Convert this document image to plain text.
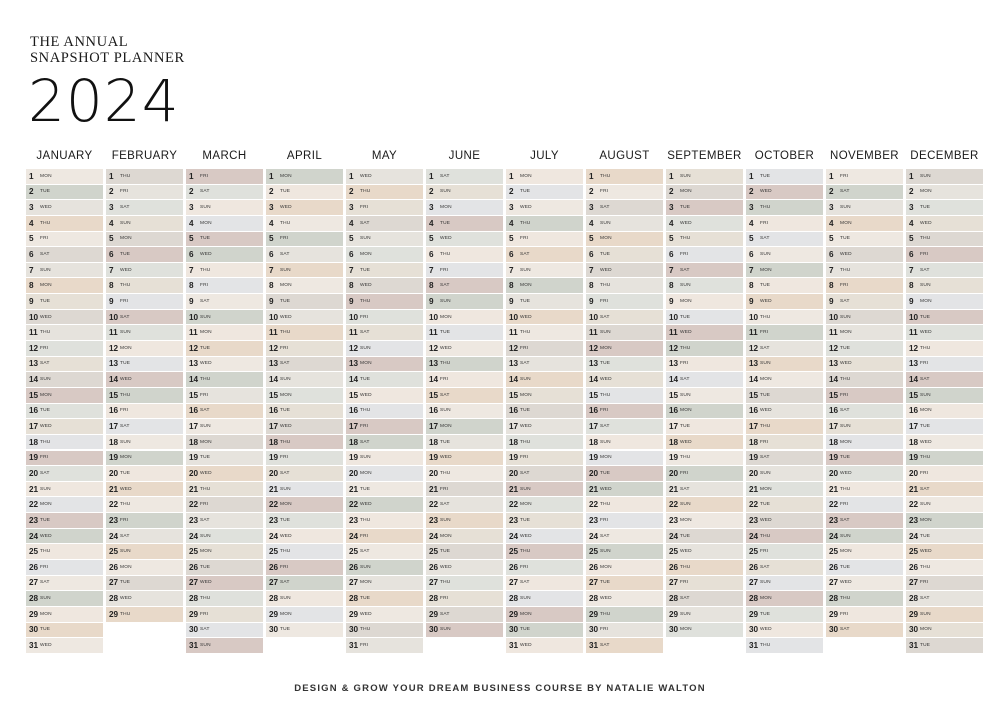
THE ANNUAL
SNAPSHOT PLANNER
2024
JANUARY
1	MON
2	TUE
3	WED
4	THU
5	FRI
6	SAT
7	SUN
8	MON
9	TUE
10 WED
11 THU
12 FRI
13 SAT
14 SUN
15 MON
16 TUE
17 WED
18 THU
19 FRI
20 SAT
21 SUN
22 MON
23 TUE
24 WED
25 THU
26 FRI
27 SAT
28 SUN
29 MON
30 TUE
31 WED
FEBRUARY
1	THU
2	FRI
3	SAT
4	SUN
5	MON
6	TUE
7	WED
8	THU
9	FRI
10 SAT
11 SUN
12 MON
13 TUE
14 WED
15 THU
16 FRI
17 SAT
18 SUN
19 MON
20 TUE
21 WED
22 THU
23 FRI
24 SAT
25 SUN
26 MON
27 TUE
28 WED
29 THU
MARCH
1	FRI
2	SAT
3	SUN
4	MON
5	TUE
6	WED
7	THU
8	FRI
9	SAT
10 SUN
11 MON
12 TUE
13 WED
14 THU
15 FRI
16 SAT
17 SUN
18 MON
19 TUE
20 WED
21 THU
22 FRI
23 SAT
24 SUN
25 MON
26 TUE
27 WED
28 THU
29 FRI
30 SAT
31 SUN
APRIL
1	MON
2	TUE
3	WED
4	THU
5	FRI
6	SAT
7	SUN
8	MON
9	TUE
10 WED
11 THU
12 FRI
13 SAT
14 SUN
15 MON
16 TUE
17 WED
18 THU
19 FRI
20 SAT
21 SUN
22 MON
23 TUE
24 WED
25 THU
26 FRI
27 SAT
28 SUN
29 MON
30 TUE
MAY
1	WED
2	THU
3	FRI
4	SAT
5	SUN
6	MON
7	TUE
8	WED
9	THU
10 FRI
11 SAT
12 SUN
13 MON
14 TUE
15 WED
16 THU
17 FRI
18 SAT
19 SUN
20 MON
21 TUE
22 WED
23 THU
24 FRI
25 SAT
26 SUN
27 MON
28 TUE
29 WED
30 THU
31 FRI
JUNE
1	SAT
2	SUN
3	MON
4	TUE
5	WED
6	THU
7	FRI
8	SAT
9	SUN
10 MON
11 TUE
12 WED
13 THU
14 FRI
15 SAT
16 SUN
17 MON
18 TUE
19 WED
20 THU
21 FRI
22 SAT
23 SUN
24 MON
25 TUE
26 WED
27 THU
28 FRI
29 SAT
30 SUN
JULY
1	MON
2	TUE
3	WED
4	THU
5	FRI
6	SAT
7	SUN
8	MON
9	TUE
10 WED
11 THU
12 FRI
13 SAT
14 SUN
15 MON
16 TUE
17 WED
18 THU
19 FRI
20 SAT
21 SUN
22 MON
23 TUE
24 WED
25 THU
26 FRI
27 SAT
28 SUN
29 MON
30 TUE
31 WED
AUGUST
1	THU
2	FRI
3	SAT
4	SUN
5	MON
6	TUE
7	WED
8	THU
9	FRI
10 SAT
11 SUN
12 MON
13 TUE
14 WED
15 THU
16 FRI
17 SAT
18 SUN
19 MON
20 TUE
21 WED
22 THU
23 FRI
24 SAT
25 SUN
26 MON
27 TUE
28 WED
29 THU
30 FRI
31 SAT
SEPTEMBER
1	SUN
2	MON
3	TUE
4	WED
5	THU
6	FRI
7	SAT
8	SUN
9	MON
10 TUE
11 WED
12 THU
13 FRI
14 SAT
15 SUN
16 MON
17 TUE
18 WED
19 THU
20 FRI
21 SAT
22 SUN
23 MON
24 TUE
25 WED
26 THU
27 FRI
28 SAT
29 SUN
30 MON
OCTOBER
1	TUE
2	WED
3	THU
4	FRI
5	SAT
6	SUN
7	MON
8	TUE
9	WED
10 THU
11 FRI
12 SAT
13 SUN
14 MON
15 TUE
16 WED
17 THU
18 FRI
19 SAT
20 SUN
21 MON
22 TUE
23 WED
24 THU
25 FRI
26 SAT
27 SUN
28 MON
29 TUE
30 WED
31 THU
NOVEMBER
1	FRI
2	SAT
3	SUN
4	MON
5	TUE
6	WED
7	THU
8	FRI
9	SAT
10 SUN
11 MON
12 TUE
13 WED
14 THU
15 FRI
16 SAT
17 SUN
18 MON
19 TUE
20 WED
21 THU
22 FRI
23 SAT
24 SUN
25 MON
26 TUE
27 WED
28 THU
29 FRI
30 SAT
DECEMBER
1	SUN
2	MON
3	TUE
4	WED
5	THU
6	FRI
7	SAT
8	SUN
9	MON
10 TUE
11 WED
12 THU
13 FRI
14 SAT
15 SUN
16 MON
17 TUE
18 WED
19 THU
20 FRI
21 SAT
22 SUN
23 MON
24 TUE
25 WED
26 THU
27 FRI
28 SAT
29 SUN
30 MON
31 TUE
DESIGN & GROW YOUR DREAM BUSINESS COURSE BY NATALIE WALTON
